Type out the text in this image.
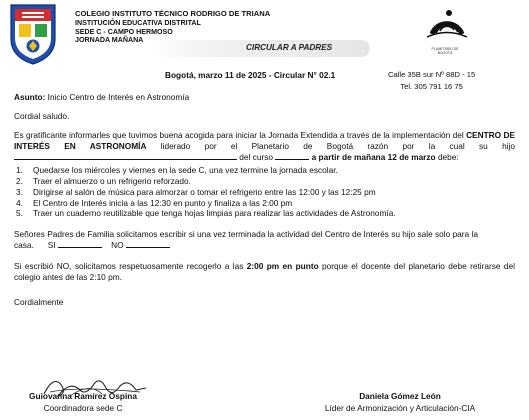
COLEGIO INSTITUTO TÉCNICO RODRIGO DE TRIANA
INSTITUCIÓN EDUCATIVA DISTRITAL
SEDE C - CAMPO HERMOSO
JORNADA MAÑANA
CIRCULAR A PADRES	PLANETARIO DE BOGOTÁ
Bogotá, marzo 11 de 2025 - Circular N° 02.1	Calle 35B sur Nº 88D - 15
Tel. 305 791 16 75

Asunto: Inicio Centro de Interés en Astronomía

Cordial saludo.

Es gratificante informarles que tuvimos buena acogida para iniciar la Jornada Extendida a través de la implementación del CENTRO DE INTERÉS EN ASTRONOMÍA liderado por el Planetario de Bogotá razón por la cual su hijo  del curso	a partir de mañana 12 de marzo debe:

1. Quedarse los miércoles y viernes en la sede C, una vez termine la jornada escolar.
2. Traer el almuerzo o un refrigerio reforzado.
3. Dirigirse al salón de música para almorzar o tomar el refrigerio entre las 12:00 y las 12:25 pm
4. El Centro de Interés inicia a las 12:30 en punto y finaliza a las 2:00 pm
5. Traer un cuaderno reutilizable que tenga hojas limpias para realizar las actividades de Astronomía.

Señores Padres de Familia solicitamos escribir si una vez terminada la actividad del Centro de Interés su hijo sale solo para la casa. SI	NO

Si escribió NO, solicitamos respetuosamente recogerlo a las 2:00 pm en punto porque el docente del planetario debe retirarse del colegio antes de las 2:10 pm.

Cordialmente

Guiovanna Ramírez Ospina
Coordinadora sede C
Daniela Gómez León
Líder de Armonización y Articulación-CIA
